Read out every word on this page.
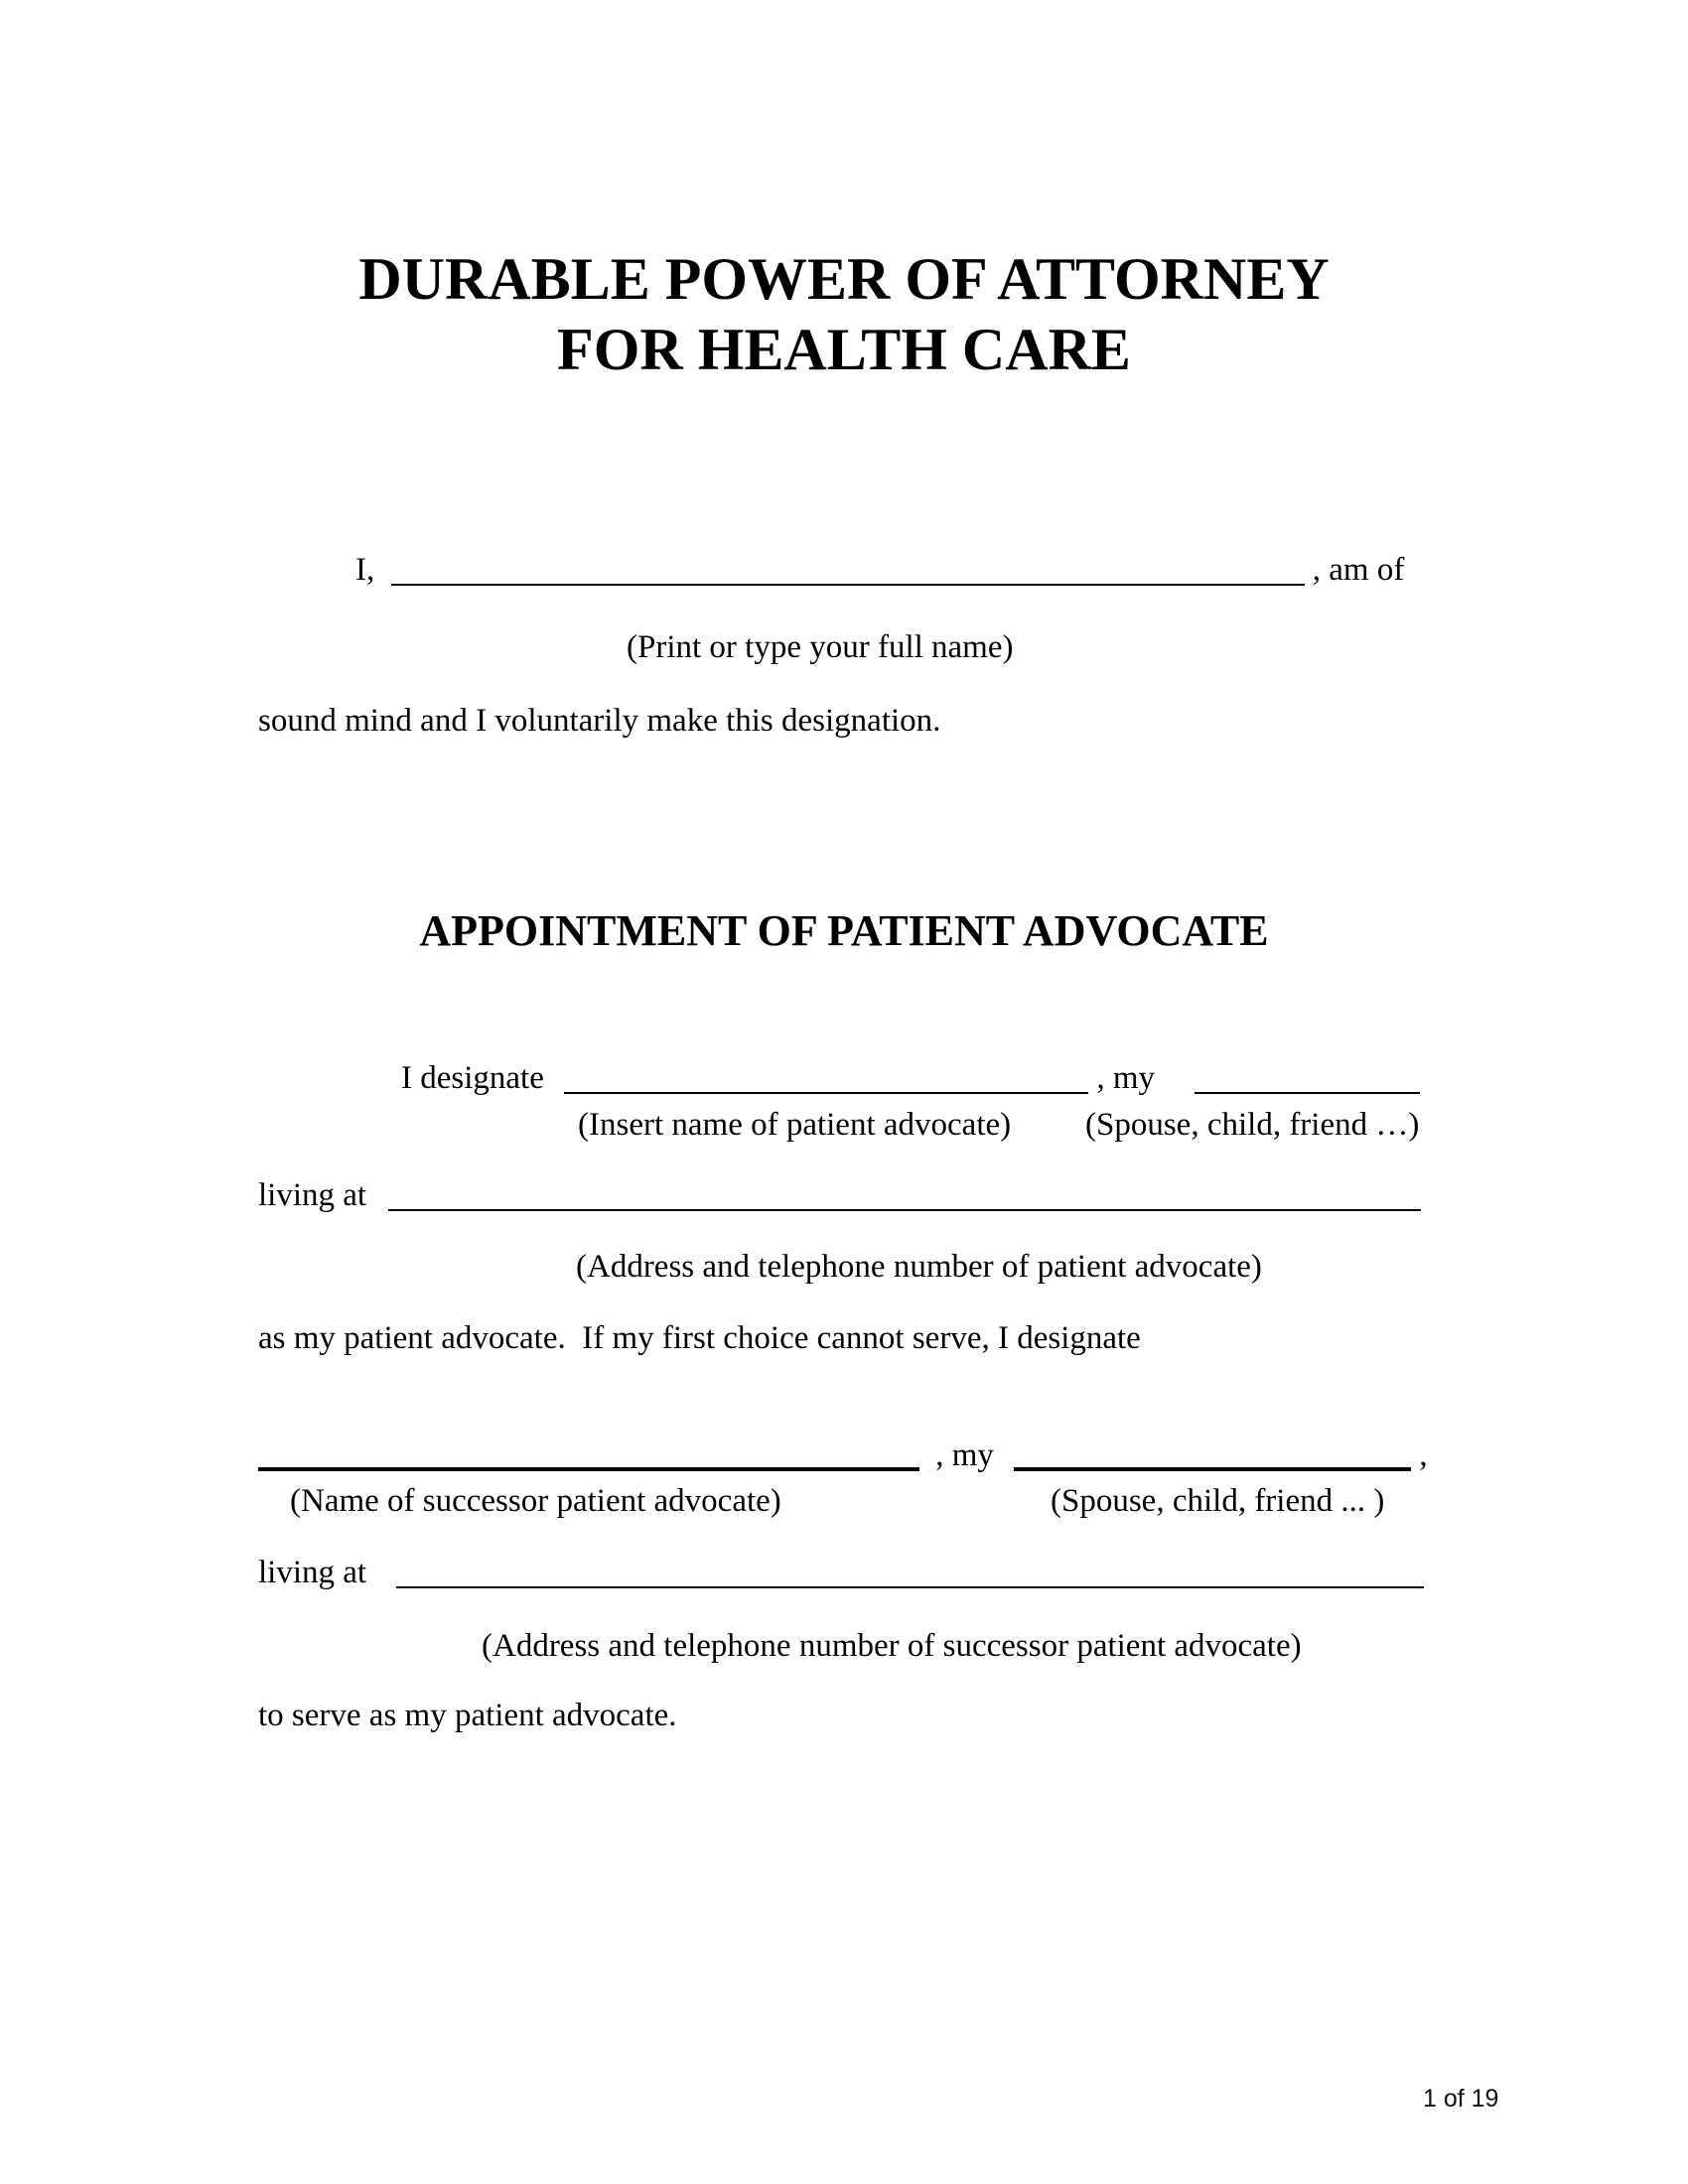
DURABLE POWER OF ATTORNEY
FOR HEALTH CARE
I,	, am of
(Print or type your full name)
sound mind and I voluntarily make this designation.
APPOINTMENT OF PATIENT ADVOCATE
I designate	, my
(Insert name of patient advocate) (Spouse, child, friend …)
living at
(Address and telephone number of patient advocate)
as my patient advocate.  If my first choice cannot serve, I designate
, my	,
(Name of successor patient advocate)	(Spouse, child, friend ... )
living at
(Address and telephone number of successor patient advocate)
to serve as my patient advocate.
1 of 19
